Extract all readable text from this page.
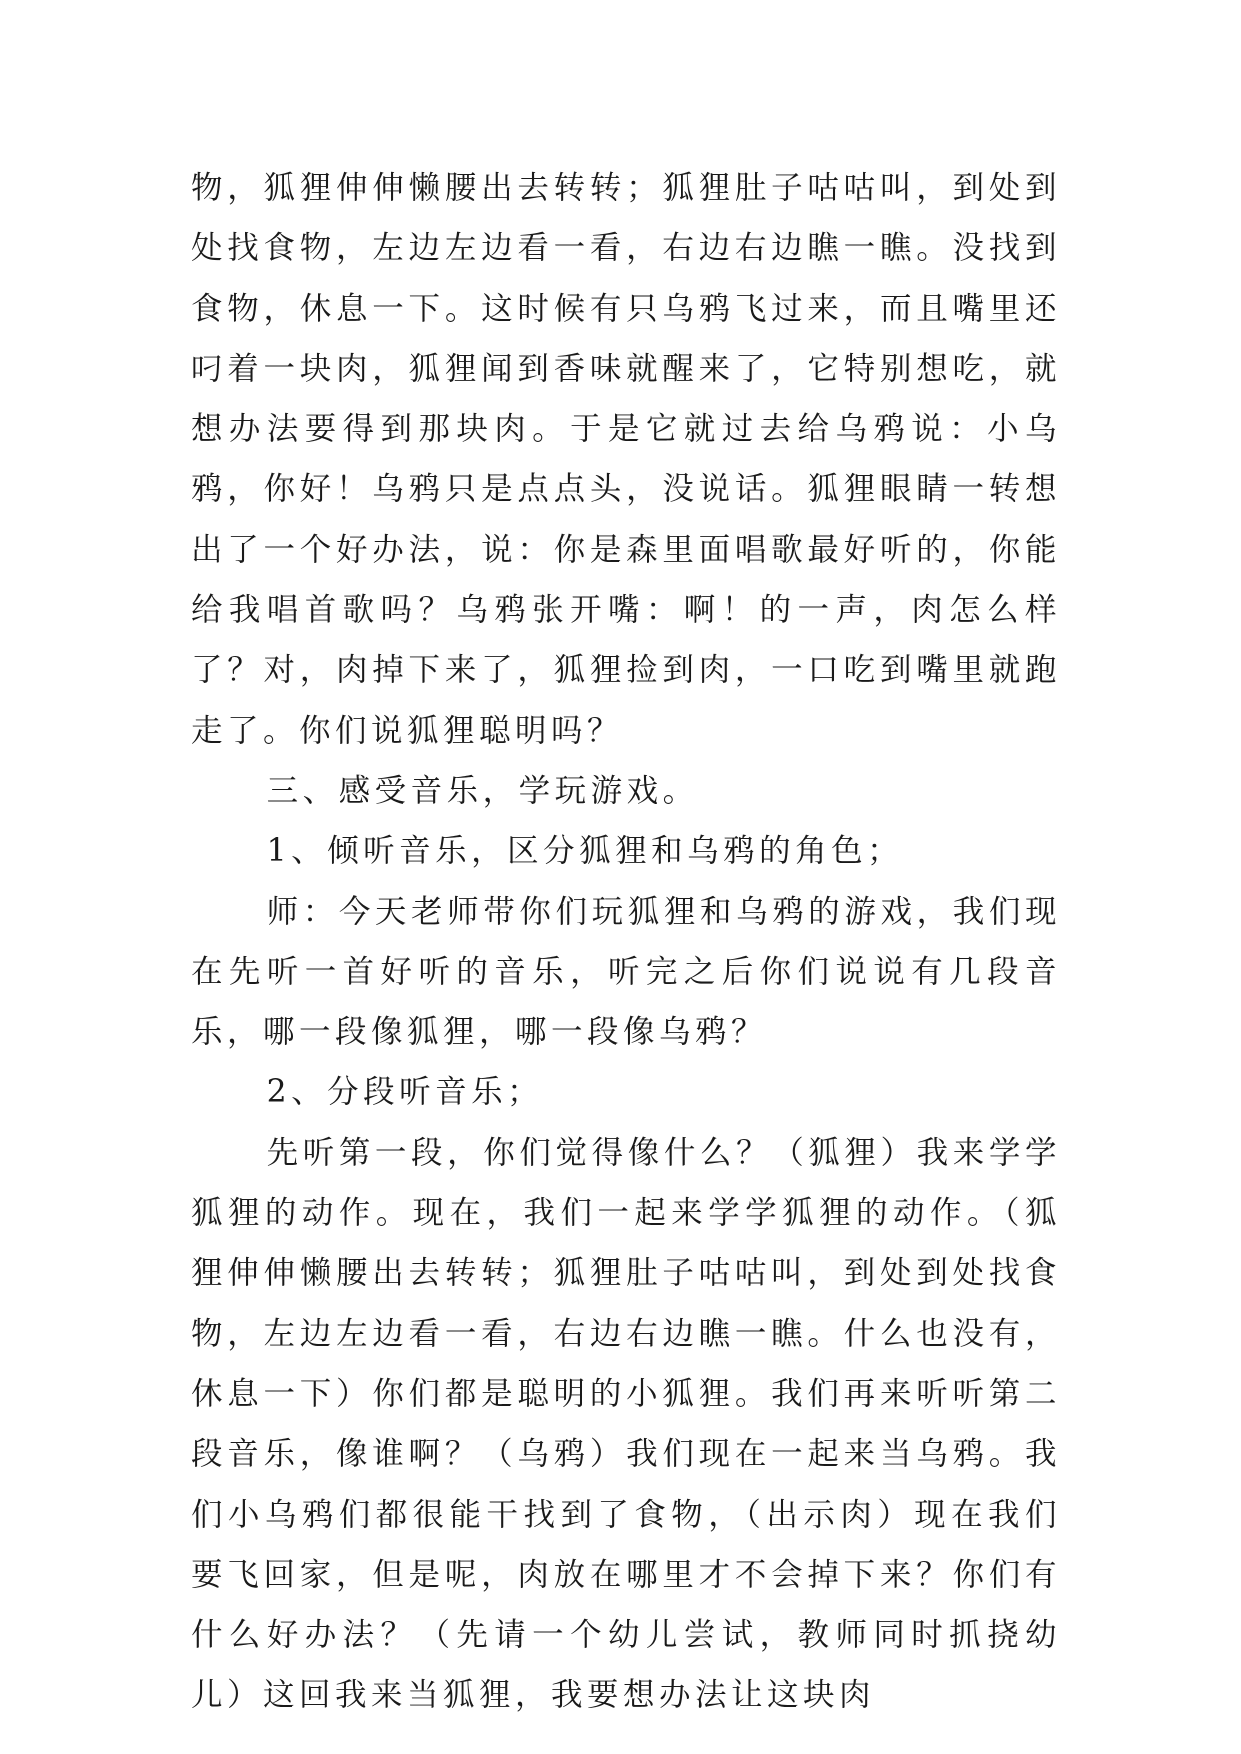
物，狐狸伸伸懒腰出去转转；狐狸肚子咕咕叫，到处到处找食物，左边左边看一看，右边右边瞧一瞧。没找到食物，休息一下。这时候有只乌鸦飞过来，而且嘴里还叼着一块肉，狐狸闻到香味就醒来了，它特别想吃，就想办法要得到那块肉。于是它就过去给乌鸦说：小乌鸦，你好！乌鸦只是点点头，没说话。狐狸眼睛一转想出了一个好办法，说：你是森里面唱歌最好听的，你能给我唱首歌吗？乌鸦张开嘴：啊！的一声，肉怎么样了？对，肉掉下来了，狐狸捡到肉，一口吃到嘴里就跑走了。你们说狐狸聪明吗？

三、感受音乐，学玩游戏。

1、倾听音乐，区分狐狸和乌鸦的角色；

师：今天老师带你们玩狐狸和乌鸦的游戏，我们现在先听一首好听的音乐，听完之后你们说说有几段音乐，哪一段像狐狸，哪一段像乌鸦？

2、分段听音乐；

先听第一段，你们觉得像什么？（狐狸）我来学学狐狸的动作。现在，我们一起来学学狐狸的动作。（狐狸伸伸懒腰出去转转；狐狸肚子咕咕叫，到处到处找食物，左边左边看一看，右边右边瞧一瞧。什么也没有，休息一下）你们都是聪明的小狐狸。我们再来听听第二段音乐，像谁啊？（乌鸦）我们现在一起来当乌鸦。我们小乌鸦们都很能干找到了食物，（出示肉）现在我们要飞回家，但是呢，肉放在哪里才不会掉下来？你们有什么好办法？（先请一个幼儿尝试，教师同时抓挠幼儿）这回我来当狐狸，我要想办法让这块肉
